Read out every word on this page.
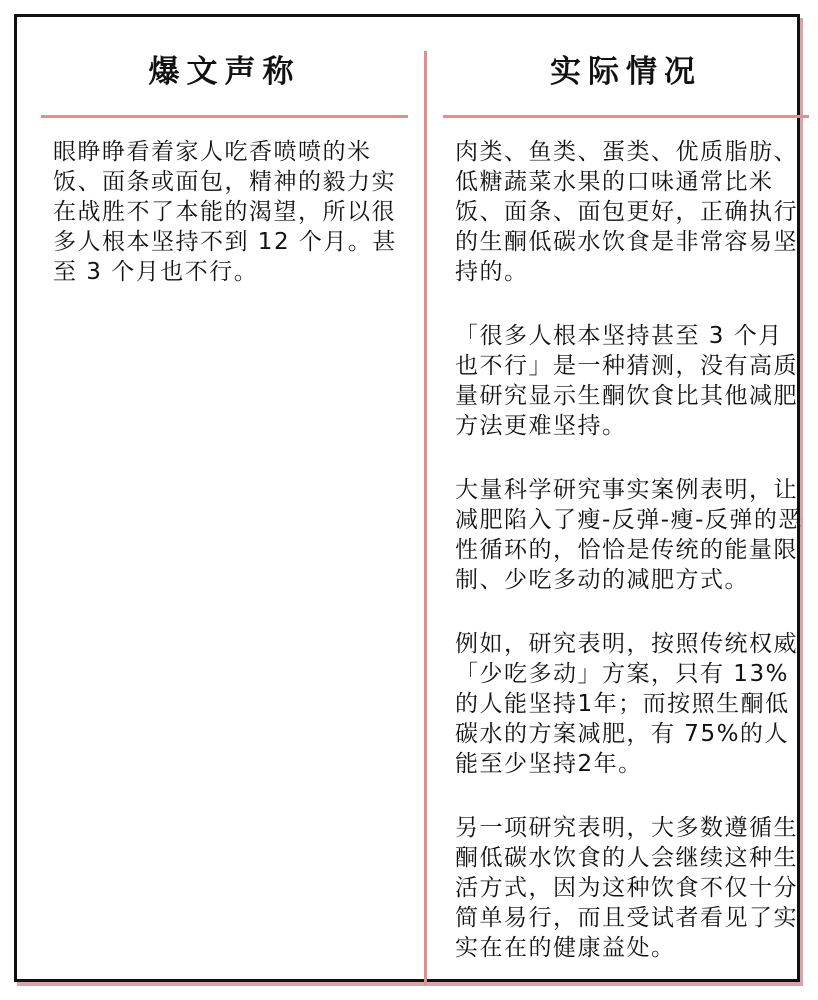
爆文声称

眼睁睁看着家人吃香喷喷的米饭、面条或面包，精神的毅力实在战胜不了本能的渴望，所以很多人根本坚持不到 12 个月。甚至 3 个月也不行。

实际情况

肉类、鱼类、蛋类、优质脂肪、低糖蔬菜水果的口味通常比米饭、面条、面包更好，正确执行的生酮低碳水饮食是非常容易坚持的。

「很多人根本坚持甚至 3 个月也不行」是一种猜测，没有高质量研究显示生酮饮食比其他减肥方法更难坚持。

大量科学研究事实案例表明，让减肥陷入了瘦-反弹-瘦-反弹的恶性循环的，恰恰是传统的能量限制、少吃多动的减肥方式。

例如，研究表明，按照传统权威「少吃多动」方案，只有 13%的人能坚持1年；而按照生酮低碳水的方案减肥，有 75%的人能至少坚持2年。

另一项研究表明，大多数遵循生酮低碳水饮食的人会继续这种生活方式，因为这种饮食不仅十分简单易行，而且受试者看见了实实在在的健康益处。
